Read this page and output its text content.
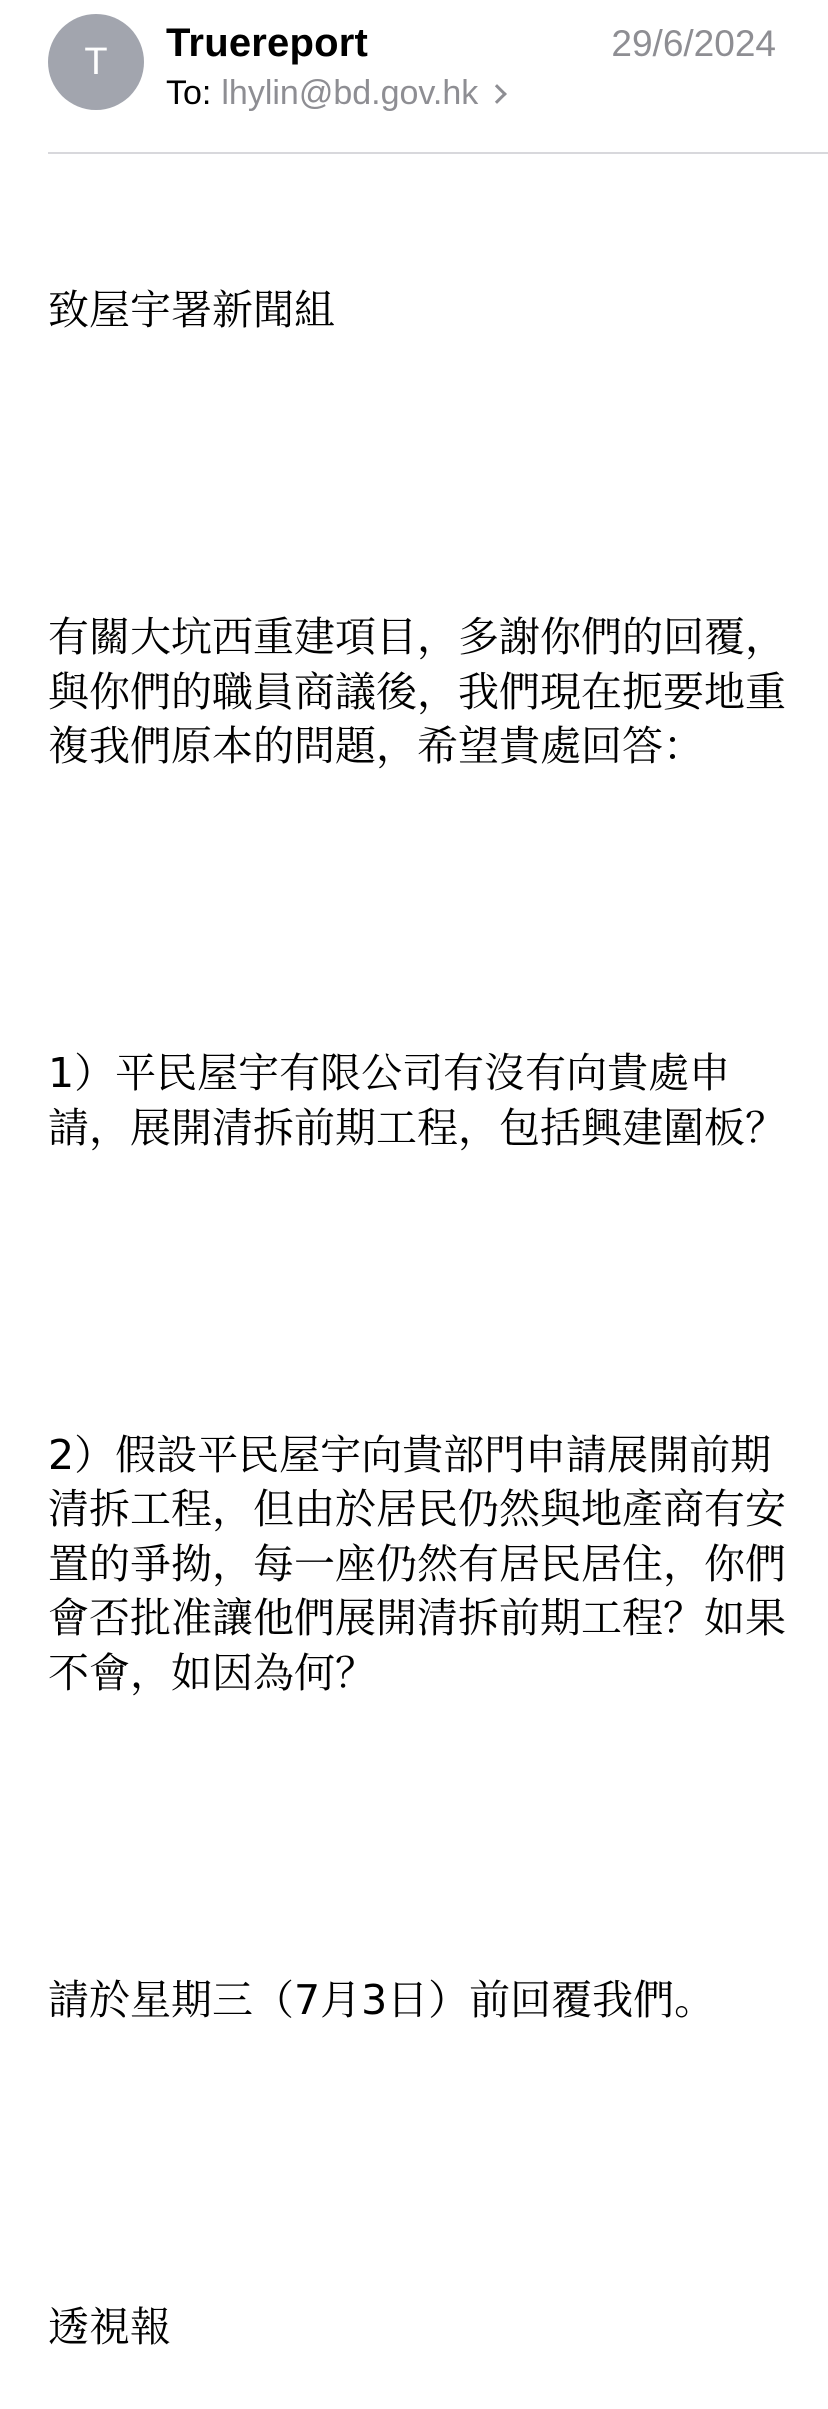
T Truereport	29/6/2024
To: lhylin@bd.gov.hk

致屋宇署新聞組

有關大坑西重建項目，多謝你們的回覆，與你們的職員商議後，我們現在扼要地重複我們原本的問題，希望貴處回答：

1）平民屋宇有限公司有沒有向貴處申請，展開清拆前期工程，包括興建圍板？

2）假設平民屋宇向貴部門申請展開前期清拆工程，但由於居民仍然與地產商有安置的爭拗，每一座仍然有居民居住，你們會否批准讓他們展開清拆前期工程？如果不會，如因為何？

請於星期三（7月3日）前回覆我們。

透視報
